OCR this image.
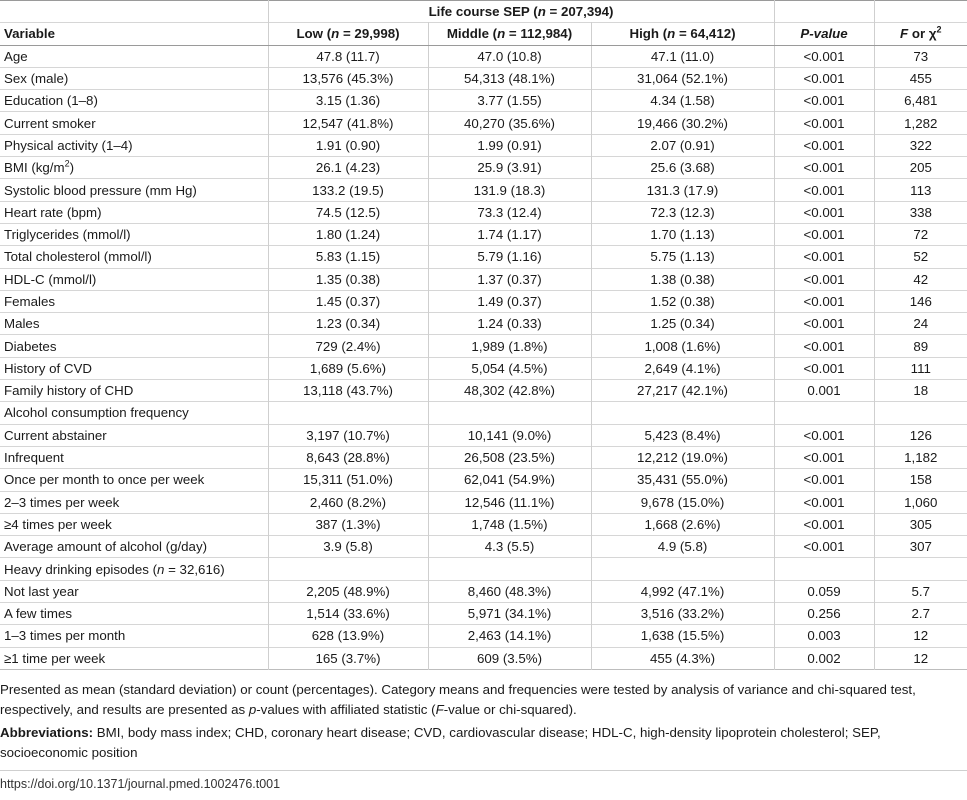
	Life course SEP (n = 207,394)				
Variable	Low (n = 29,998)	Middle (n = 112,984)	High (n = 64,412)	P-value	F or $\chi^2$
Age	47.8 (11.7)	47.0 (10.8)	47.1 (11.0)	<0.001	73
Sex (male)	13,576 (45.3%)	54,313 (48.1%)	31,064 (52.1%)	<0.001	455
Education (1–8)	3.15 (1.36)	3.77 (1.55)	4.34 (1.58)	<0.001	6,481
Current smoker	12,547 (41.8%)	40,270 (35.6%)	19,466 (30.2%)	<0.001	1,282
Physical activity (1–4)	1.91 (0.90)	1.99 (0.91)	2.07 (0.91)	<0.001	322
BMI $(kg/m^2)$	26.1 (4.23)	25.9 (3.91)	25.6 (3.68)	<0.001	205
Systolic blood pressure (mm Hg)	133.2 (19.5)	131.9 (18.3)	131.3 (17.9)	<0.001	113
Heart rate (bpm)	74.5 (12.5)	73.3 (12.4)	72.3 (12.3)	<0.001	338
Triglycerides (mmol/l)	1.80 (1.24)	1.74 (1.17)	1.70 (1.13)	<0.001	72
Total cholesterol (mmol/l)	5.83 (1.15)	5.79 (1.16)	5.75 (1.13)	<0.001	52
HDL-C (mmol/l)	1.35 (0.38)	1.37 (0.37)	1.38 (0.38)	<0.001	42
Females	1.45 (0.37)	1.49 (0.37)	1.52 (0.38)	<0.001	146
Males	1.23 (0.34)	1.24 (0.33)	1.25 (0.34)	<0.001	24
Diabetes	729 (2.4%)	1,989 (1.8%)	1,008 (1.6%)	<0.001	89
History of CVD	1,689 (5.6%)	5,054 (4.5%)	2,649 (4.1%)	<0.001	111
Family history of CHD	13,118 (43.7%)	48,302 (42.8%)	27,217 (42.1%)	0.001	18
Alcohol consumption frequency					
Current abstainer	3,197 (10.7%)	10,141 (9.0%)	5,423 (8.4%)	<0.001	126
Infrequent	8,643 (28.8%)	26,508 (23.5%)	12,212 (19.0%)	<0.001	1,182
Once per month to once per week	15,311 (51.0%)	62,041 (54.9%)	35,431 (55.0%)	<0.001	158
2–3 times per week	2,460 (8.2%)	12,546 (11.1%)	9,678 (15.0%)	<0.001	1,060
≥4 times per week	387 (1.3%)	1,748 (1.5%)	1,668 (2.6%)	<0.001	305
Average amount of alcohol (g/day)	3.9 (5.8)	4.3 (5.5)	4.9 (5.8)	<0.001	307
Heavy drinking episodes (n = 32,616)					
Not last year	2,205 (48.9%)	8,460 (48.3%)	4,992 (47.1%)	0.059	5.7
A few times	1,514 (33.6%)	5,971 (34.1%)	3,516 (33.2%)	0.256	2.7
1–3 times per month	628 (13.9%)	2,463 (14.1%)	1,638 (15.5%)	0.003	12
≥1 time per week	165 (3.7%)	609 (3.5%)	455 (4.3%)	0.002	12

Presented as mean (standard deviation) or count (percentages). Category means and frequencies were tested by analysis of variance and chi-squared test, respectively, and results are presented as p-values with affiliated statistic (F-value or chi-squared).

Abbreviations: BMI, body mass index; CHD, coronary heart disease; CVD, cardiovascular disease; HDL-C, high-density lipoprotein cholesterol; SEP, socioeconomic position

https://doi.org/10.1371/journal.pmed.1002476.t001
